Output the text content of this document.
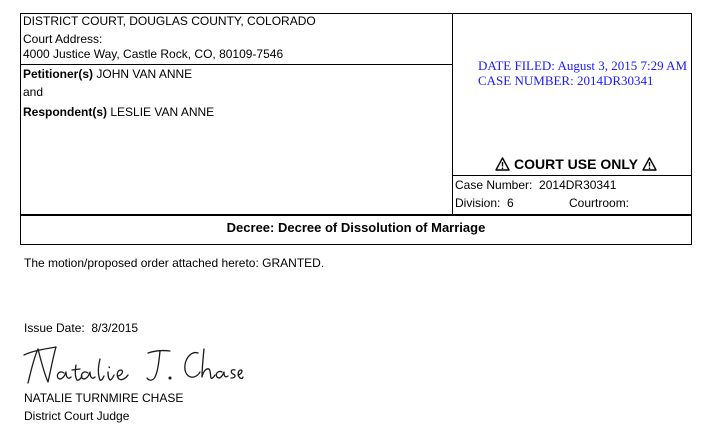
DISTRICT COURT, DOUGLAS COUNTY, COLORADO
Court Address:
4000 Justice Way, Castle Rock, CO, 80109-7546
Petitioner(s) JOHN VAN ANNE
and
Respondent(s) LESLIE VAN ANNE
DATE FILED: August 3, 2015 7:29 AM
CASE NUMBER: 2014DR30341
COURT USE ONLY
Case Number: 2014DR30341
Division: 6	Courtroom:
Decree: Decree of Dissolution of Marriage
The motion/proposed order attached hereto: GRANTED.
Issue Date: 8/3/2015
NATALIE TURNMIRE CHASE
District Court Judge
